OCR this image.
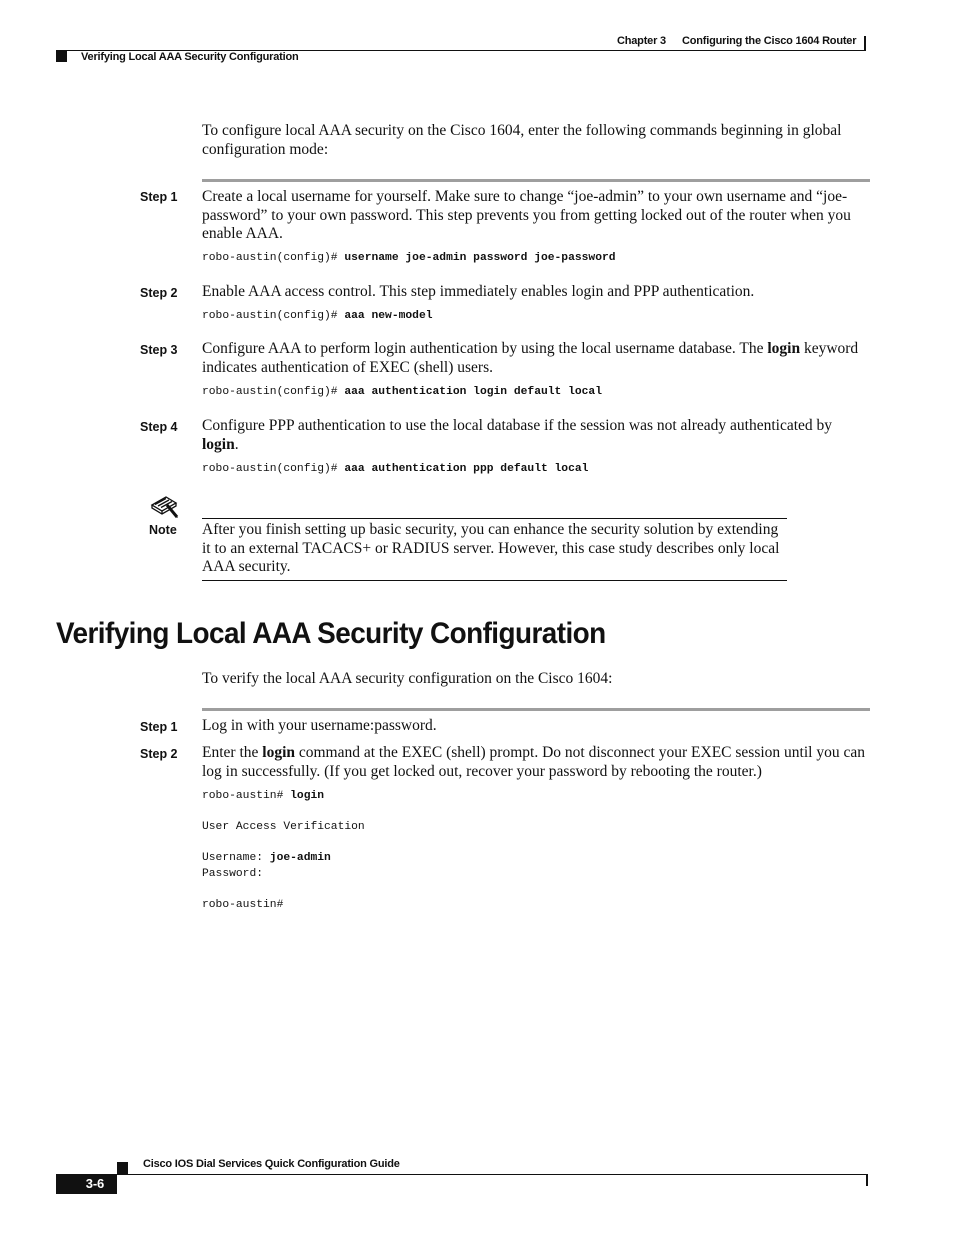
Chapter 3 Configuring the Cisco 1604 Router
Verifying Local AAA Security Configuration
To configure local AAA security on the Cisco 1604, enter the following commands beginning in global configuration mode:
Step 1 Create a local username for yourself. Make sure to change “joe-admin” to your own username and “joe-password” to your own password. This step prevents you from getting locked out of the router when you enable AAA.
robo-austin(config)# username joe-admin password joe-password
Step 2 Enable AAA access control. This step immediately enables login and PPP authentication.
robo-austin(config)# aaa new-model
Step 3 Configure AAA to perform login authentication by using the local username database. The login keyword indicates authentication of EXEC (shell) users.
robo-austin(config)# aaa authentication login default local
Step 4 Configure PPP authentication to use the local database if the session was not already authenticated by login.
robo-austin(config)# aaa authentication ppp default local
Note After you finish setting up basic security, you can enhance the security solution by extending it to an external TACACS+ or RADIUS server. However, this case study describes only local AAA security.
Verifying Local AAA Security Configuration
To verify the local AAA security configuration on the Cisco 1604:
Step 1 Log in with your username:password.
Step 2 Enter the login command at the EXEC (shell) prompt. Do not disconnect your EXEC session until you can log in successfully. (If you get locked out, recover your password by rebooting the router.)
robo-austin# login
User Access Verification
Username: joe-admin
Password:
robo-austin#
Cisco IOS Dial Services Quick Configuration Guide
3-6
